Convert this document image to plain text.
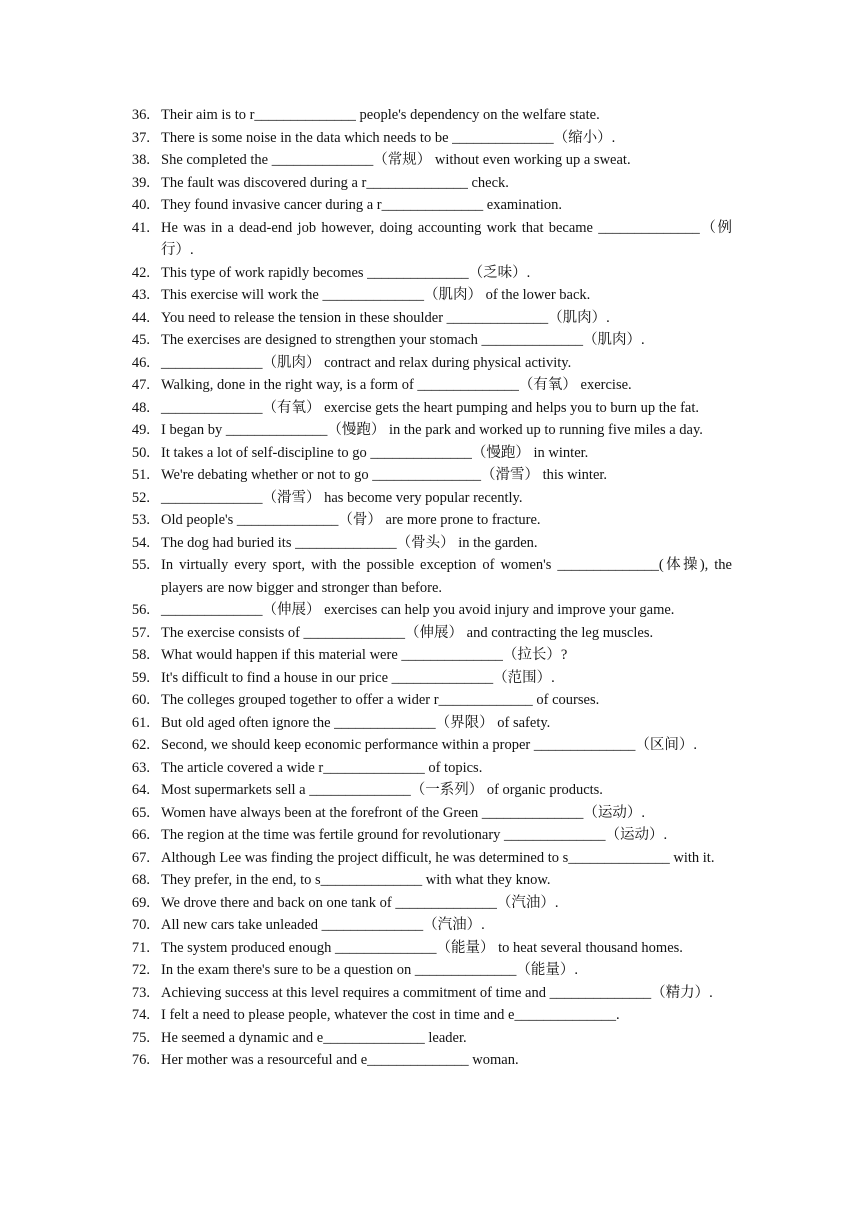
36. Their aim is to r______________ people's dependency on the welfare state.
37. There is some noise in the data which needs to be ______________（缩小）.
38. She completed the ______________（常规） without even working up a sweat.
39. The fault was discovered during a r______________ check.
40. They found invasive cancer during a r______________ examination.
41. He was in a dead-end job however, doing accounting work that became ______________（例行）.
42. This type of work rapidly becomes ______________（乏味）.
43. This exercise will work the ______________（肌肉） of the lower back.
44. You need to release the tension in these shoulder ______________（肌肉）.
45. The exercises are designed to strengthen your stomach ______________（肌肉）.
46. ______________（肌肉） contract and relax during physical activity.
47. Walking, done in the right way, is a form of ______________（有氧） exercise.
48. ______________（有氧） exercise gets the heart pumping and helps you to burn up the fat.
49. I began by ______________（慢跑） in the park and worked up to running five miles a day.
50. It takes a lot of self-discipline to go ______________（慢跑） in winter.
51. We're debating whether or not to go _______________（滑雪） this winter.
52. ______________（滑雪） has become very popular recently.
53. Old people's ______________（骨） are more prone to fracture.
54. The dog had buried its ______________（骨头） in the garden.
55. In virtually every sport, with the possible exception of women's ______________(体操), the players are now bigger and stronger than before.
56. ______________（伸展） exercises can help you avoid injury and improve your game.
57. The exercise consists of ______________（伸展） and contracting the leg muscles.
58. What would happen if this material were ______________（拉长）?
59. It's difficult to find a house in our price ______________（范围）.
60. The colleges grouped together to offer a wider r_____________ of courses.
61. But old aged often ignore the ______________（界限） of safety.
62. Second, we should keep economic performance within a proper ______________（区间）.
63. The article covered a wide r______________ of topics.
64. Most supermarkets sell a ______________（一系列） of organic products.
65. Women have always been at the forefront of the Green ______________（运动）.
66. The region at the time was fertile ground for revolutionary ______________（运动）.
67. Although Lee was finding the project difficult, he was determined to s______________ with it.
68. They prefer, in the end, to s______________ with what they know.
69. We drove there and back on one tank of ______________（汽油）.
70. All new cars take unleaded ______________（汽油）.
71. The system produced enough ______________（能量） to heat several thousand homes.
72. In the exam there's sure to be a question on ______________（能量）.
73. Achieving success at this level requires a commitment of time and ______________（精力）.
74. I felt a need to please people, whatever the cost in time and e______________.
75. He seemed a dynamic and e______________ leader.
76. Her mother was a resourceful and e______________ woman.
